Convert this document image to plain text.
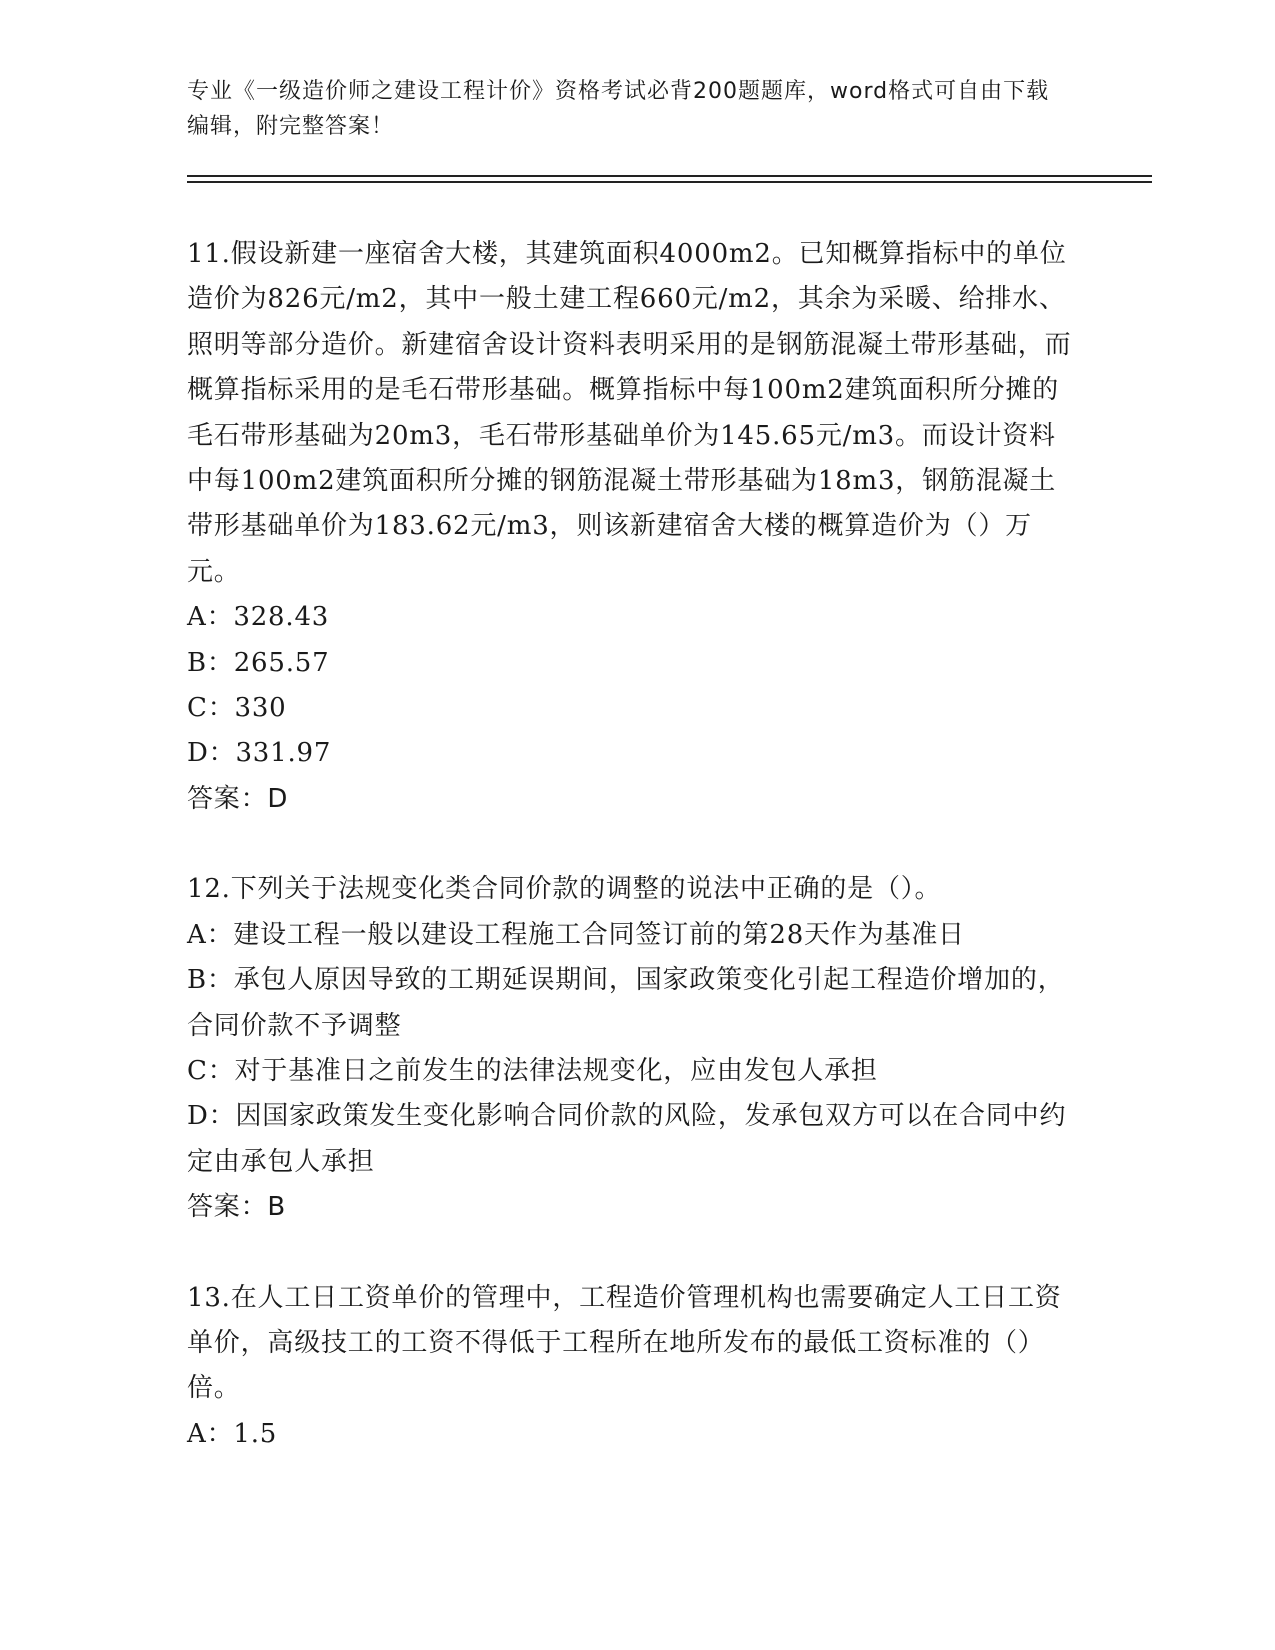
专业《一级造价师之建设工程计价》资格考试必背200题题库，word格式可自由下载编辑，附完整答案！

11.假设新建一座宿舍大楼，其建筑面积4000m2。已知概算指标中的单位造价为826元/m2，其中一般土建工程660元/m2，其余为采暖、给排水、照明等部分造价。新建宿舍设计资料表明采用的是钢筋混凝土带形基础，而概算指标采用的是毛石带形基础。概算指标中每100m2建筑面积所分摊的毛石带形基础为20m3，毛石带形基础单价为145.65元/m3。而设计资料中每100m2建筑面积所分摊的钢筋混凝土带形基础为18m3，钢筋混凝土带形基础单价为183.62元/m3，则该新建宿舍大楼的概算造价为（）万元。

A：328.43

B：265.57

C：330

D：331.97

答案：D

12.下列关于法规变化类合同价款的调整的说法中正确的是（）。

A：建设工程一般以建设工程施工合同签订前的第28天作为基准日

B：承包人原因导致的工期延误期间，国家政策变化引起工程造价增加的，合同价款不予调整

C：对于基准日之前发生的法律法规变化，应由发包人承担

D：因国家政策发生变化影响合同价款的风险，发承包双方可以在合同中约定由承包人承担

答案：B

13.在人工日工资单价的管理中，工程造价管理机构也需要确定人工日工资单价，高级技工的工资不得低于工程所在地所发布的最低工资标准的（）倍。

A：1.5
